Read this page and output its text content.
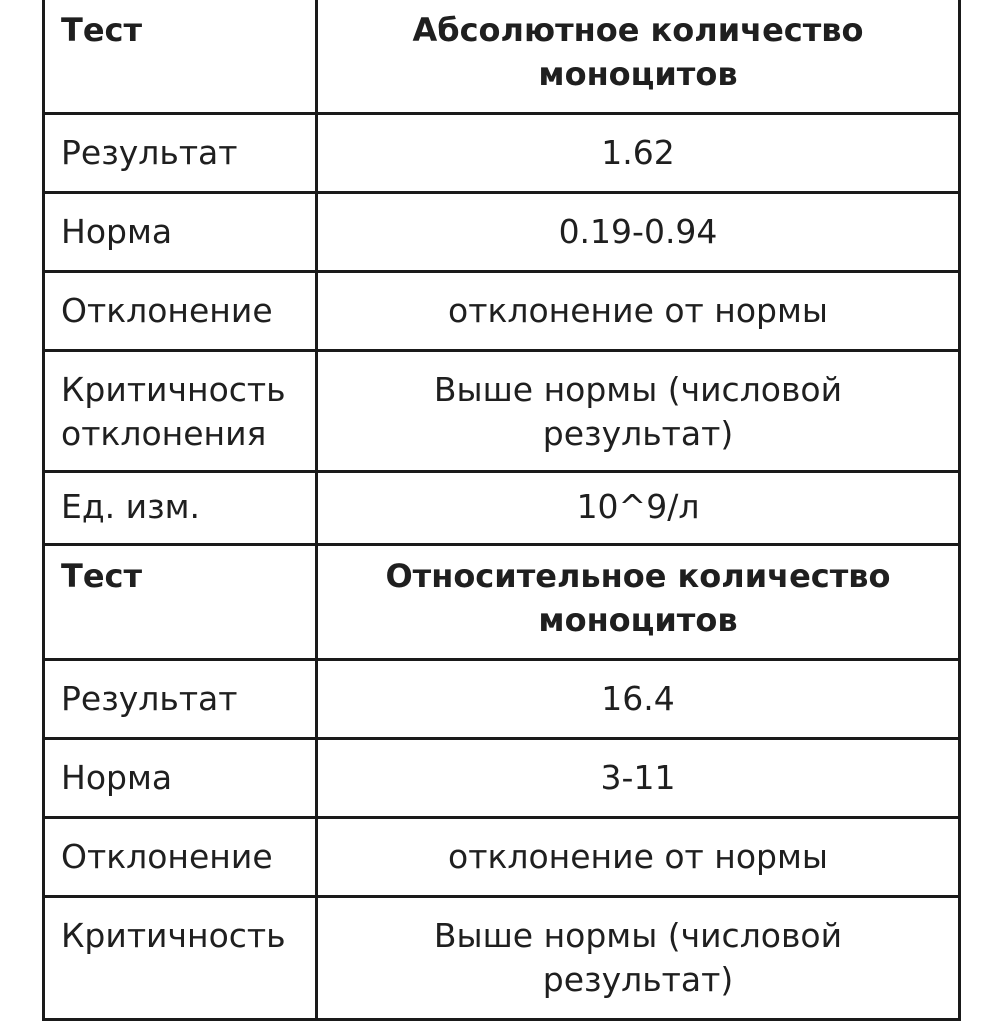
Тест	Абсолютное количество моноцитов
Результат	1.62
Норма	0.19-0.94
Отклонение	отклонение от нормы
Критичность отклонения	Выше нормы (числовой результат)
Ед. изм.	10^9/л
Тест	Относительное количество моноцитов
Результат	16.4
Норма	3-11
Отклонение	отклонение от нормы
Критичность	Выше нормы (числовой результат)
